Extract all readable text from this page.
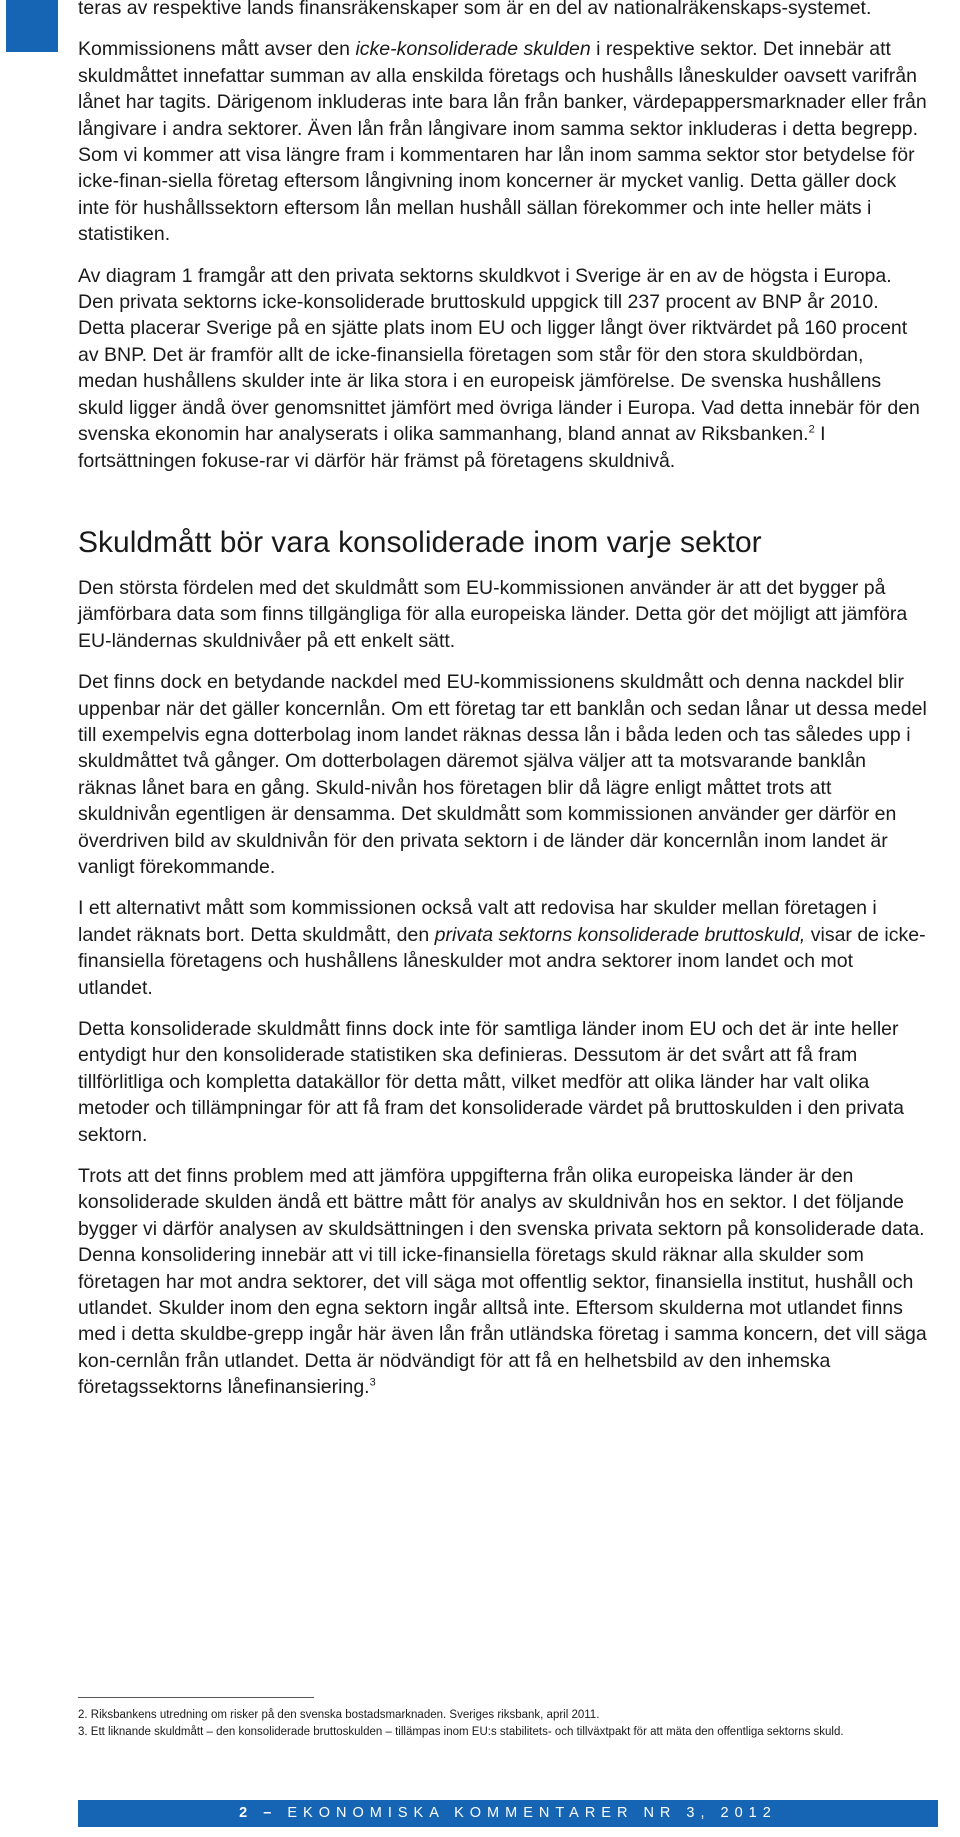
teras av respektive lands finansräkenskaper som är en del av nationalräkenskaps-systemet.

Kommissionens mått avser den icke-konsoliderade skulden i respektive sektor. Det innebär att skuldmåttet innefattar summan av alla enskilda företags och hushålls låneskulder oavsett varifrån lånet har tagits. Därigenom inkluderas inte bara lån från banker, värdepappersmarknader eller från långivare i andra sektorer. Även lån från långivare inom samma sektor inkluderas i detta begrepp. Som vi kommer att visa längre fram i kommentaren har lån inom samma sektor stor betydelse för icke-finan-siella företag eftersom långivning inom koncerner är mycket vanlig. Detta gäller dock inte för hushållssektorn eftersom lån mellan hushåll sällan förekommer och inte heller mäts i statistiken.

Av diagram 1 framgår att den privata sektorns skuldkvot i Sverige är en av de högsta i Europa. Den privata sektorns icke-konsoliderade bruttoskuld uppgick till 237 procent av BNP år 2010. Detta placerar Sverige på en sjätte plats inom EU och ligger långt över riktvärdet på 160 procent av BNP. Det är framför allt de icke-finansiella företagen som står för den stora skuldbördan, medan hushållens skulder inte är lika stora i en europeisk jämförelse. De svenska hushållens skuld ligger ändå över genomsnittet jämfört med övriga länder i Europa. Vad detta innebär för den svenska ekonomin har analyserats i olika sammanhang, bland annat av Riksbanken.$^2$ I fortsättningen fokuse-rar vi därför här främst på företagens skuldnivå.

Skuldmått bör vara konsoliderade inom varje sektor

Den största fördelen med det skuldmått som EU-kommissionen använder är att det bygger på jämförbara data som finns tillgängliga för alla europeiska länder. Detta gör det möjligt att jämföra EU-ländernas skuldnivåer på ett enkelt sätt.

Det finns dock en betydande nackdel med EU-kommissionens skuldmått och denna nackdel blir uppenbar när det gäller koncernlån. Om ett företag tar ett banklån och sedan lånar ut dessa medel till exempelvis egna dotterbolag inom landet räknas dessa lån i båda leden och tas således upp i skuldmåttet två gånger. Om dotterbolagen däremot själva väljer att ta motsvarande banklån räknas lånet bara en gång. Skuld-nivån hos företagen blir då lägre enligt måttet trots att skuldnivån egentligen är densamma. Det skuldmått som kommissionen använder ger därför en överdriven bild av skuldnivån för den privata sektorn i de länder där koncernlån inom landet är vanligt förekommande.

I ett alternativt mått som kommissionen också valt att redovisa har skulder mellan företagen i landet räknats bort. Detta skuldmått, den privata sektorns konsoliderade bruttoskuld, visar de icke-finansiella företagens och hushållens låneskulder mot andra sektorer inom landet och mot utlandet.

Detta konsoliderade skuldmått finns dock inte för samtliga länder inom EU och det är inte heller entydigt hur den konsoliderade statistiken ska definieras. Dessutom är det svårt att få fram tillförlitliga och kompletta datakällor för detta mått, vilket medför att olika länder har valt olika metoder och tillämpningar för att få fram det konsoliderade värdet på bruttoskulden i den privata sektorn.

Trots att det finns problem med att jämföra uppgifterna från olika europeiska länder är den konsoliderade skulden ändå ett bättre mått för analys av skuldnivån hos en sektor. I det följande bygger vi därför analysen av skuldsättningen i den svenska privata sektorn på konsoliderade data. Denna konsolidering innebär att vi till icke-finansiella företags skuld räknar alla skulder som företagen har mot andra sektorer, det vill säga mot offentlig sektor, finansiella institut, hushåll och utlandet. Skulder inom den egna sektorn ingår alltså inte. Eftersom skulderna mot utlandet finns med i detta skuldbe-grepp ingår här även lån från utländska företag i samma koncern, det vill säga kon-cernlån från utlandet. Detta är nödvändigt för att få en helhetsbild av den inhemska företagssektorns lånefinansiering.$^3$

2. Riksbankens utredning om risker på den svenska bostadsmarknaden. Sveriges riksbank, april 2011.

3. Ett liknande skuldmått – den konsoliderade bruttoskulden – tillämpas inom EU:s stabilitets- och tillväxtpakt för att mäta den offentliga sektorns skuld.

2 – EKONOMISKA KOMMENTARER NR 3, 2012
